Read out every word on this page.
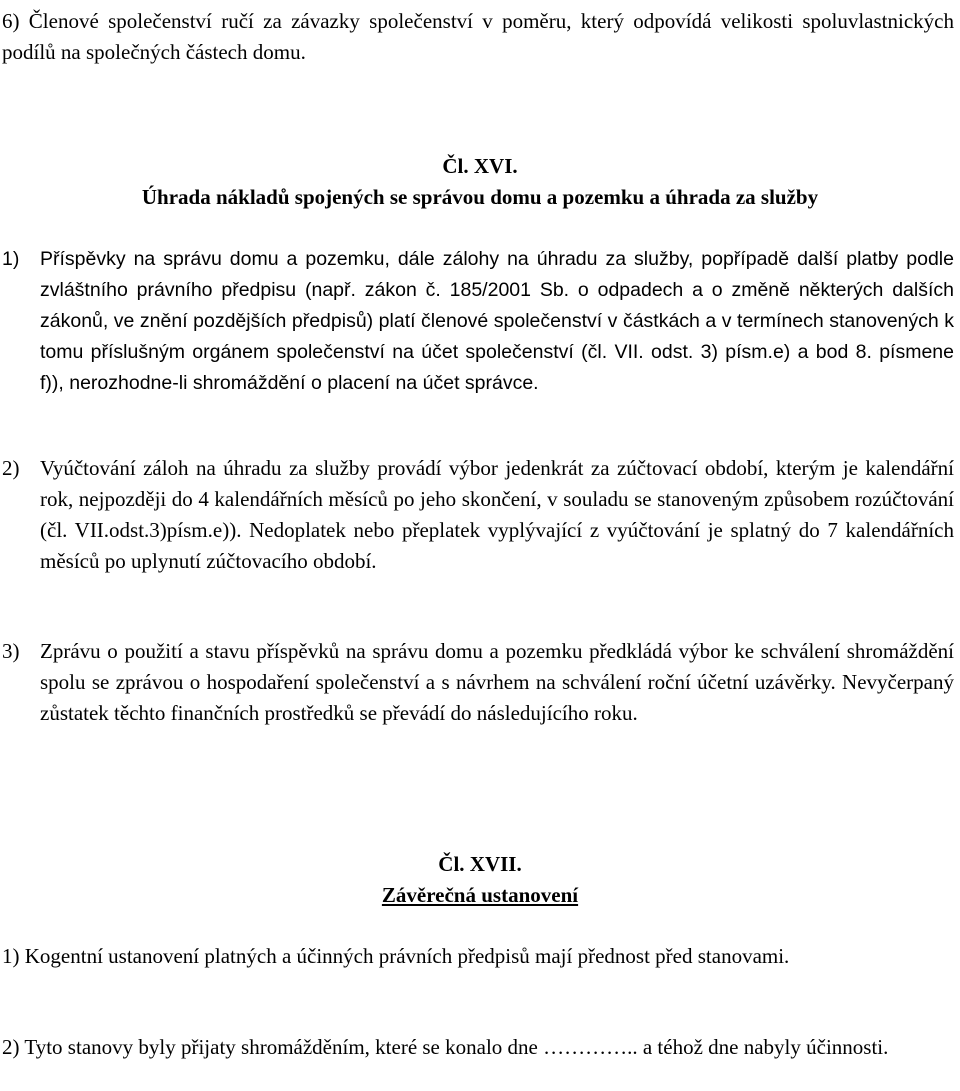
6) Členové společenství ručí za závazky společenství v poměru, který odpovídá velikosti spoluvlastnických podílů na společných částech domu.

Čl. XVI.
Úhrada nákladů spojených se správou domu a pozemku a úhrada za služby
1)	Příspěvky na správu domu a pozemku, dále zálohy na úhradu za služby, popřípadě další platby podle zvláštního právního předpisu (např. zákon č. 185/2001 Sb. o odpadech a o změně některých dalších zákonů, ve znění pozdějších předpisů) platí členové společenství v částkách a v termínech stanovených k tomu příslušným orgánem společenství na účet společenství (čl. VII. odst. 3) písm.e) a bod 8. písmene f)), nerozhodne-li shromáždění o placení na účet správce.
2) Vyúčtování záloh na úhradu za služby provádí výbor jedenkrát za zúčtovací období, kterým je kalendářní rok, nejpozději do 4 kalendářních měsíců po jeho skončení, v souladu se stanoveným způsobem rozúčtování (čl. VII.odst.3)písm.e)). Nedoplatek nebo přeplatek vyplývající z vyúčtování je splatný do 7 kalendářních měsíců po uplynutí zúčtovacího období.
3) Zprávu o použití a stavu příspěvků na správu domu a pozemku předkládá výbor ke schválení shromáždění spolu se zprávou o hospodaření společenství a s návrhem na schválení roční účetní uzávěrky. Nevyčerpaný zůstatek těchto finančních prostředků se převádí do následujícího roku.
Čl. XVII.
Závěrečná ustanovení

1) Kogentní ustanovení platných a účinných právních předpisů mají přednost před stanovami.

2) Tyto stanovy byly přijaty shromážděním, které se konalo dne ………….. a téhož dne nabyly účinnosti.
